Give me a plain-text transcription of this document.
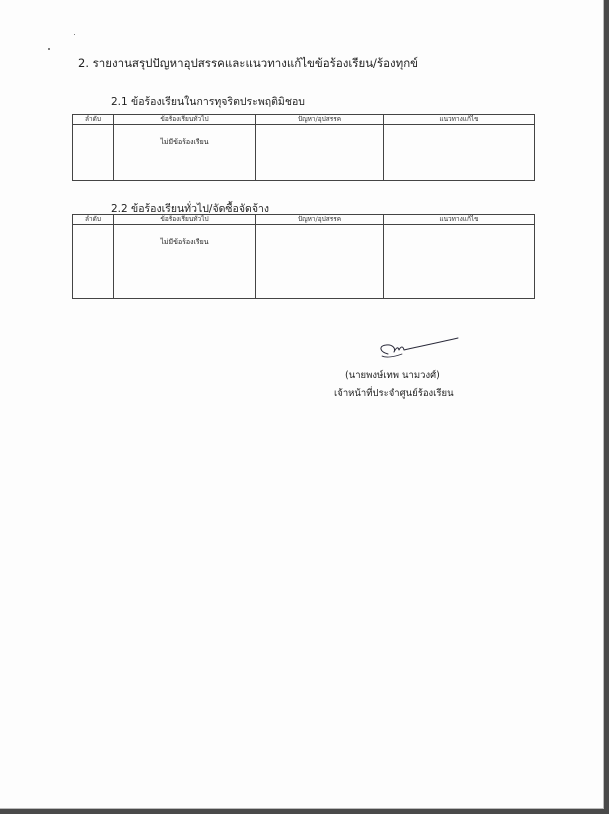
2. รายงานสรุปปัญหาอุปสรรคและแนวทางแก้ไขข้อร้องเรียน/ร้องทุกข์
2.1 ข้อร้องเรียนในการทุจริตประพฤติมิชอบ
ลำดับ	ข้อร้องเรียนทั่วไป	ปัญหา/อุปสรรค	แนวทางแก้ไข

	ไม่มีข้อร้องเรียน		

2.2 ข้อร้องเรียนทั่วไป/จัดซื้อจัดจ้าง
ลำดับ	ข้อร้องเรียนทั่วไป	ปัญหา/อุปสรรค	แนวทางแก้ไข

	ไม่มีข้อร้องเรียน		

(นายพงษ์เทพ นามวงศ์)
เจ้าหน้าที่ประจำศูนย์ร้องเรียน
